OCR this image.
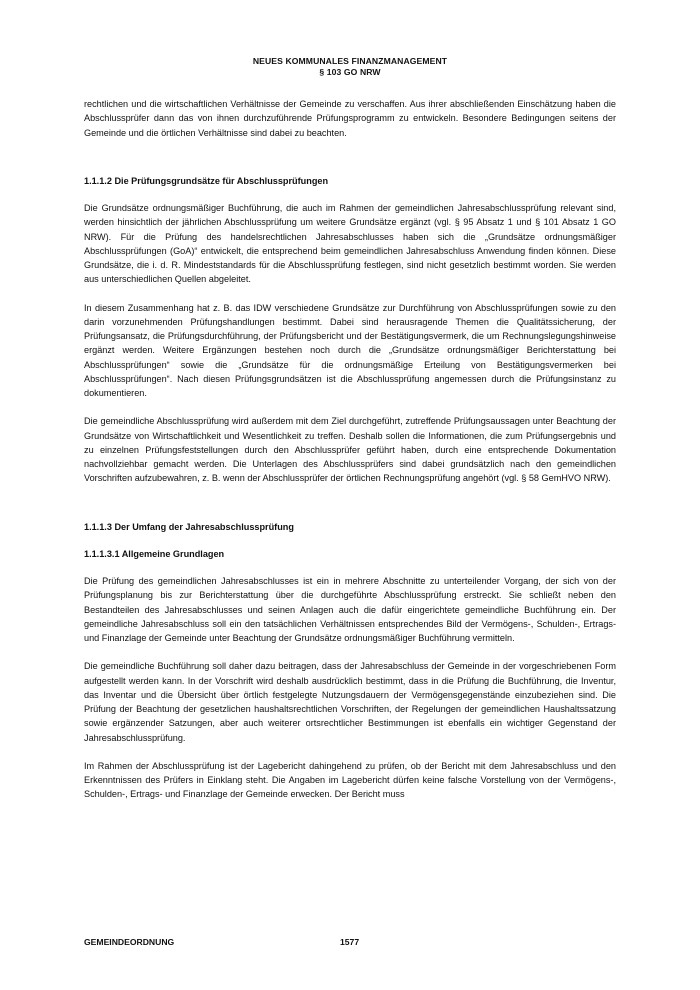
NEUES KOMMUNALES FINANZMANAGEMENT
§ 103 GO NRW

rechtlichen und die wirtschaftlichen Verhältnisse der Gemeinde zu verschaffen. Aus ihrer abschließenden Einschätzung haben die Abschlussprüfer dann das von ihnen durchzuführende Prüfungsprogramm zu entwickeln. Besondere Bedingungen seitens der Gemeinde und die örtlichen Verhältnisse sind dabei zu beachten.

1.1.1.2 Die Prüfungsgrundsätze für Abschlussprüfungen

Die Grundsätze ordnungsmäßiger Buchführung, die auch im Rahmen der gemeindlichen Jahresabschlussprüfung relevant sind, werden hinsichtlich der jährlichen Abschlussprüfung um weitere Grundsätze ergänzt (vgl. § 95 Absatz 1 und § 101 Absatz 1 GO NRW). Für die Prüfung des handelsrechtlichen Jahresabschlusses haben sich die „Grundsätze ordnungsmäßiger Abschlussprüfungen (GoA)“ entwickelt, die entsprechend beim gemeindlichen Jahresabschluss Anwendung finden können. Diese Grundsätze, die i. d. R. Mindeststandards für die Abschlussprüfung festlegen, sind nicht gesetzlich bestimmt worden. Sie werden aus unterschiedlichen Quellen abgeleitet.

In diesem Zusammenhang hat z. B. das IDW verschiedene Grundsätze zur Durchführung von Abschlussprüfungen sowie zu den darin vorzunehmenden Prüfungshandlungen bestimmt. Dabei sind herausragende Themen die Qualitätssicherung, der Prüfungsansatz, die Prüfungsdurchführung, der Prüfungsbericht und der Bestätigungsvermerk, die um Rechnungslegungshinweise ergänzt werden. Weitere Ergänzungen bestehen noch durch die „Grundsätze ordnungsmäßiger Berichterstattung bei Abschlussprüfungen“ sowie die „Grundsätze für die ordnungsmäßige Erteilung von Bestätigungsvermerken bei Abschlussprüfungen“. Nach diesen Prüfungsgrundsätzen ist die Abschlussprüfung angemessen durch die Prüfungsinstanz zu dokumentieren.

Die gemeindliche Abschlussprüfung wird außerdem mit dem Ziel durchgeführt, zutreffende Prüfungsaussagen unter Beachtung der Grundsätze von Wirtschaftlichkeit und Wesentlichkeit zu treffen. Deshalb sollen die Informationen, die zum Prüfungsergebnis und zu einzelnen Prüfungsfeststellungen durch den Abschlussprüfer geführt haben, durch eine entsprechende Dokumentation nachvollziehbar gemacht werden. Die Unterlagen des Abschlussprüfers sind dabei grundsätzlich nach den gemeindlichen Vorschriften aufzubewahren, z. B. wenn der Abschlussprüfer der örtlichen Rechnungsprüfung angehört (vgl. § 58 GemHVO NRW).

1.1.1.3 Der Umfang der Jahresabschlussprüfung
1.1.1.3.1 Allgemeine Grundlagen

Die Prüfung des gemeindlichen Jahresabschlusses ist ein in mehrere Abschnitte zu unterteilender Vorgang, der sich von der Prüfungsplanung bis zur Berichterstattung über die durchgeführte Abschlussprüfung erstreckt. Sie schließt neben den Bestandteilen des Jahresabschlusses und seinen Anlagen auch die dafür eingerichtete gemeindliche Buchführung ein. Der gemeindliche Jahresabschluss soll ein den tatsächlichen Verhältnissen entsprechendes Bild der Vermögens-, Schulden-, Ertrags- und Finanzlage der Gemeinde unter Beachtung der Grundsätze ordnungsmäßiger Buchführung vermitteln.

Die gemeindliche Buchführung soll daher dazu beitragen, dass der Jahresabschluss der Gemeinde in der vorgeschriebenen Form aufgestellt werden kann. In der Vorschrift wird deshalb ausdrücklich bestimmt, dass in die Prüfung die Buchführung, die Inventur, das Inventar und die Übersicht über örtlich festgelegte Nutzungsdauern der Vermögensgegenstände einzubeziehen sind. Die Prüfung der Beachtung der gesetzlichen haushaltsrechtlichen Vorschriften, der Regelungen der gemeindlichen Haushaltssatzung sowie ergänzender Satzungen, aber auch weiterer ortsrechtlicher Bestimmungen ist ebenfalls ein wichtiger Gegenstand der Jahresabschlussprüfung.

Im Rahmen der Abschlussprüfung ist der Lagebericht dahingehend zu prüfen, ob der Bericht mit dem Jahresabschluss und den Erkenntnissen des Prüfers in Einklang steht. Die Angaben im Lagebericht dürfen keine falsche Vorstellung von der Vermögens-, Schulden-, Ertrags- und Finanzlage der Gemeinde erwecken. Der Bericht muss

GEMEINDEORDNUNG	1577
